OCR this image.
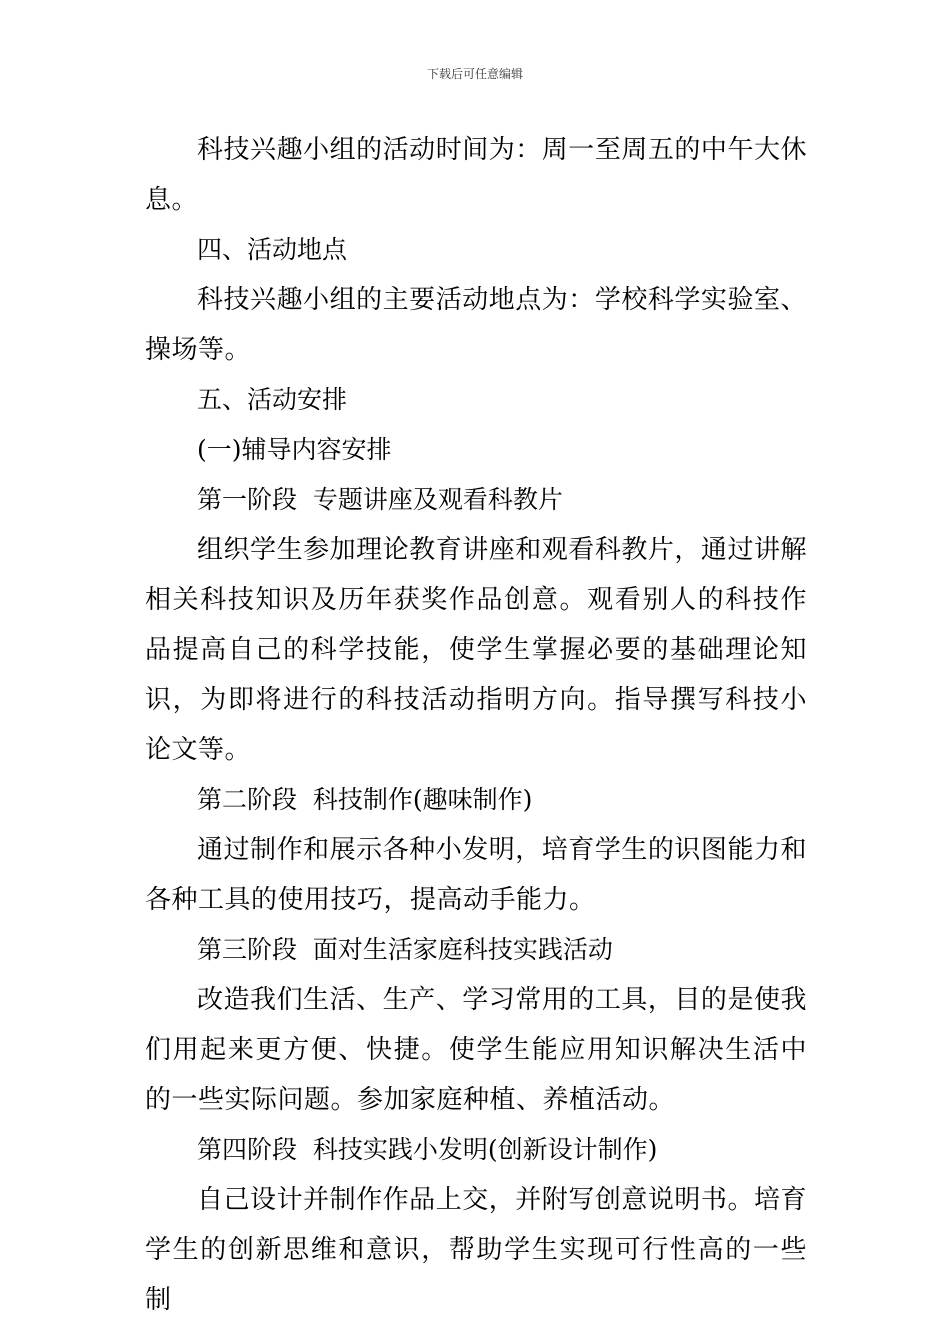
下载后可任意编辑

科技兴趣小组的活动时间为：周一至周五的中午大休息。

四、活动地点

科技兴趣小组的主要活动地点为：学校科学实验室、操场等。

五、活动安排

(一)辅导内容安排

第一阶段  专题讲座及观看科教片

组织学生参加理论教育讲座和观看科教片，通过讲解相关科技知识及历年获奖作品创意。观看别人的科技作品提高自己的科学技能，使学生掌握必要的基础理论知识，为即将进行的科技活动指明方向。指导撰写科技小论文等。

第二阶段  科技制作(趣味制作)

通过制作和展示各种小发明，培育学生的识图能力和各种工具的使用技巧，提高动手能力。

第三阶段  面对生活家庭科技实践活动

改造我们生活、生产、学习常用的工具，目的是使我们用起来更方便、快捷。使学生能应用知识解决生活中的一些实际问题。参加家庭种植、养植活动。

第四阶段  科技实践小发明(创新设计制作)

自己设计并制作作品上交，并附写创意说明书。培育学生的创新思维和意识，帮助学生实现可行性高的一些制
